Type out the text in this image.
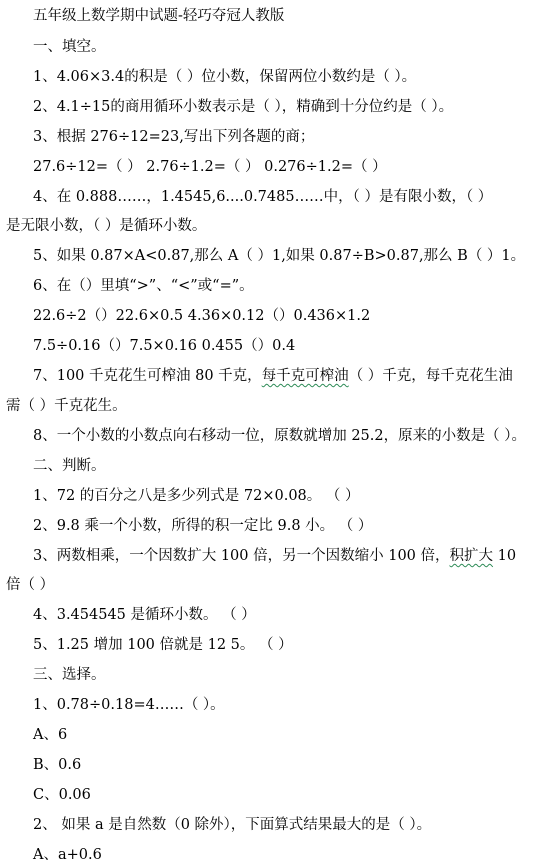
五年级上数学期中试题-轻巧夺冠人教版
一、填空。
1、4.06×3.4的积是（ ）位小数，保留两位小数约是（ ）。
2、4.1÷15的商用循环小数表示是（ ），精确到十分位约是（ ）。
3、根据 276÷12=23,写出下列各题的商；
27.6÷12=（ ） 2.76÷1.2=（ ） 0.276÷1.2=（ ）
4、在 0.888……，1.4545,6....0.7485……中，（ ）是有限小数，（ ）
是无限小数，（ ）是循环小数。
5、如果 0.87×A<0.87,那么 A（ ）1,如果 0.87÷B>0.87,那么 B（ ）1。
6、在（）里填“>”、“<”或“=”。
22.6÷2（）22.6×0.5 4.36×0.12（）0.436×1.2
7.5÷0.16（）7.5×0.16 0.455（）0.4
7、100 千克花生可榨油 80 千克，每千克可榨油（ ）千克，每千克花生油
需（ ）千克花生。
8、一个小数的小数点向右移动一位，原数就增加 25.2，原来的小数是（ ）。
二、判断。
1、72 的百分之八是多少列式是 72×0.08。 （ ）
2、9.8 乘一个小数，所得的积一定比 9.8 小。 （ ）
3、两数相乘，一个因数扩大 100 倍，另一个因数缩小 100 倍，积扩大 10
倍（ ）
4、3.454545 是循环小数。 （ ）
5、1.25 增加 100 倍就是 12 5。 （ ）
三、选择。
1、0.78÷0.18=4……（ ）。
A、6
B、0.6
C、0.06
2、 如果 a 是自然数（0 除外），下面算式结果最大的是（ ）。
A、a+0.6
